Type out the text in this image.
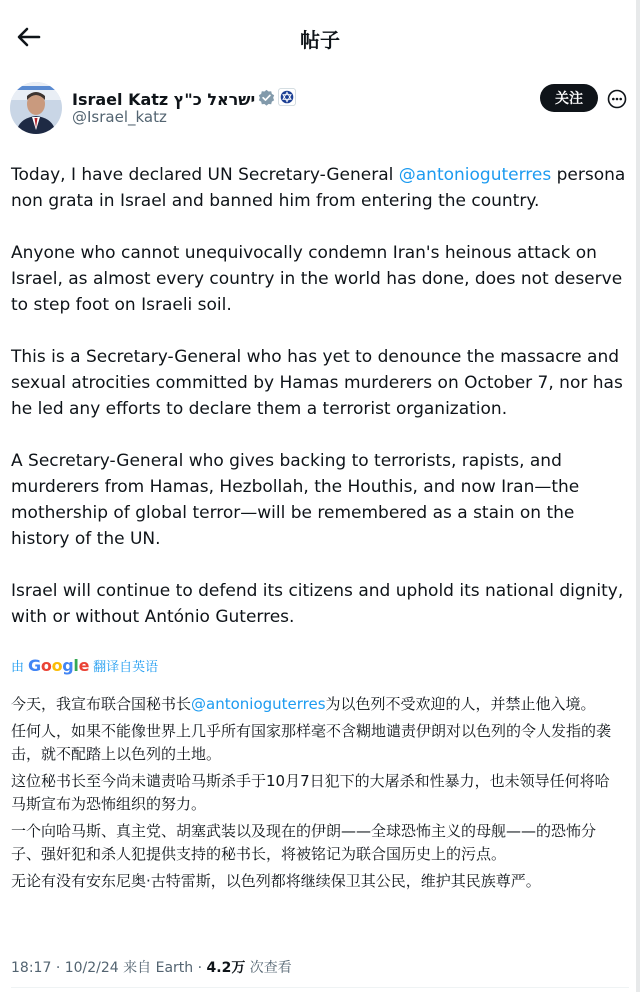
帖子
Israel Katz ישראל כ"ץ
@Israel_katz
关注

Today, I have declared UN Secretary-General @antonioguterres persona non grata in Israel and banned him from entering the country.

Anyone who cannot unequivocally condemn Iran's heinous attack on Israel, as almost every country in the world has done, does not deserve to step foot on Israeli soil.

This is a Secretary-General who has yet to denounce the massacre and sexual atrocities committed by Hamas murderers on October 7, nor has he led any efforts to declare them a terrorist organization.

A Secretary-General who gives backing to terrorists, rapists, and murderers from Hamas, Hezbollah, the Houthis, and now Iran—the mothership of global terror—will be remembered as a stain on the history of the UN.

Israel will continue to defend its citizens and uphold its national dignity, with or without António Guterres.

由 Google 翻译自英语

今天，我宣布联合国秘书长@antonioguterres为以色列不受欢迎的人，并禁止他入境。

任何人，如果不能像世界上几乎所有国家那样毫不含糊地谴责伊朗对以色列的令人发指的袭击，就不配踏上以色列的土地。

这位秘书长至今尚未谴责哈马斯杀手于10月7日犯下的大屠杀和性暴力，也未领导任何将哈马斯宣布为恐怖组织的努力。

一个向哈马斯、真主党、胡塞武装以及现在的伊朗——全球恐怖主义的母舰——的恐怖分子、强奸犯和杀人犯提供支持的秘书长，将被铭记为联合国历史上的污点。

无论有没有安东尼奥·古特雷斯，以色列都将继续保卫其公民，维护其民族尊严。

18:17 · 10/2/24 来自 Earth · 4.2万 次查看
